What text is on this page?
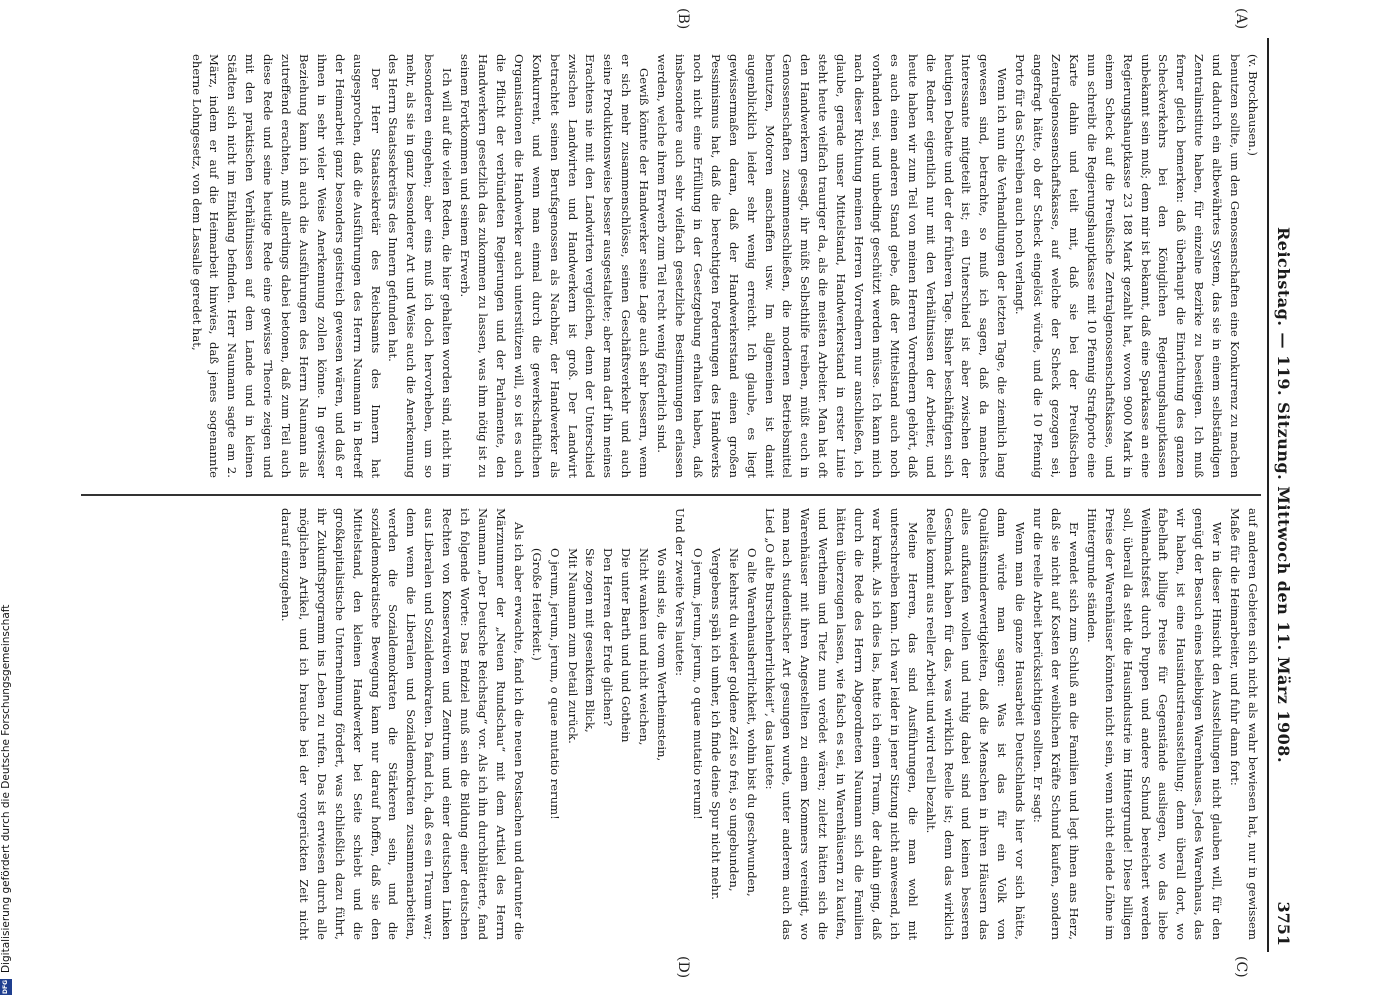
Reichstag. — 119. Sitzung. Mittwoch den 11. März 1908.
3751
(A)
(B)
(C)
(D)

(v. Brockhausen.)

benutzen sollte, um den Genossenschaften eine Konkurrenz zu machen und dadurch ein altbewährtes System, das sie in einem selbständigen Zentralinstitute haben, für einzelne Bezirke zu beseitigen. Ich muß ferner gleich bemerken: daß überhaupt die Einrichtung des ganzen Scheckverkehrs bei den Königlichen Regierungshauptkassen unbekannt sein muß; denn mir ist bekannt, daß eine Sparkasse an eine Regierungshauptkasse 23 188 Mark gezahlt hat, wovon 9000 Mark in einem Scheck auf die Preußische Zentralgenossenschaftskasse, und nun schreibt die Regierungshauptkasse mit 10 Pfennig Strafporto eine Karte dahin und teilt mit, daß sie bei der Preußischen Zentralgenossenschaftskasse, auf welche der Scheck gezogen sei, angefragt hätte, ob der Scheck eingelöst würde, und die 10 Pfennig Porto für das Schreiben auch noch verlangt.

Wenn ich nun die Verhandlungen der letzten Tage, die ziemlich lang gewesen sind, betrachte, so muß ich sagen, daß da manches Interessante mitgeteilt ist; ein Unterschied ist aber zwischen der heutigen Debatte und der der früheren Tage. Bisher beschäftigten sich die Redner eigentlich nur mit den Verhältnissen der Arbeiter, und heute haben wir zum Teil von meinen Herren Vorrednern gehört, daß es auch einen anderen Stand gebe, daß der Mittelstand auch noch vorhanden sei, und unbedingt geschützt werden müsse. Ich kann mich nach dieser Richtung meinen Herren Vorrednern nur anschließen, ich glaube, gerade unser Mittelstand, Handwerkerstand in erster Linie steht heute vielfach trauriger da, als die meisten Arbeiter. Man hat oft den Handwerkern gesagt, ihr müßt Selbsthilfe treiben, müßt euch in Genossenschaften zusammenschließen, die modernen Betriebsmittel benutzen, Motoren anschaffen usw. Im allgemeinen ist damit augenblicklich leider sehr wenig erreicht. Ich glaube, es liegt gewissermaßen daran, daß der Handwerkerstand einen großen Pessimismus hat, daß die berechtigten Forderungen des Handwerks noch nicht eine Erfüllung in der Gesetzgebung erhalten haben, daß insbesondere auch sehr vielfach gesetzliche Bestimmungen erlassen werden, welche ihrem Erwerb zum Teil recht wenig förderlich sind.

Gewiß könnte der Handwerker seine Lage auch sehr bessern, wenn er sich mehr zusammenschlösse, seinen Geschäftsverkehr und auch seine Produktionsweise besser ausgestaltete; aber man darf ihn meines Erachtens nie mit den Landwirten vergleichen, denn der Unterschied zwischen Landwirten und Handwerkern ist groß. Der Landwirt betrachtet seinen Berufsgenossen als Nachbar, der Handwerker als Konkurrent, und wenn man einmal durch die gewerkschaftlichen Organisationen die Handwerker auch unterstützen will, so ist es auch die Pflicht der verbündeten Regierungen und der Parlamente, den Handwerkern gesetzlich das zukommen zu lassen, was ihm nötig ist zu seinem Fortkommen und seinem Erwerb.

Ich will auf die vielen Reden, die hier gehalten worden sind, nicht im besonderen eingehen; aber eins muß ich doch hervorheben, um so mehr, als sie in ganz besonderer Art und Weise auch die Anerkennung des Herrn Staatssekretärs des Innern gefunden hat.

Der Herr Staatssekretär des Reichsamts des Innern hat ausgesprochen, daß die Ausführungen des Herrn Naumann in Betreff der Heimarbeit ganz besonders geistreich gewesen wären, und daß er ihnen in sehr vieler Weise Anerkennung zollen könne. In gewisser Beziehung kann ich auch die Ausführungen des Herrn Naumann als zutreffend erachten, muß allerdings dabei betonen, daß zum Teil auch diese Rede und seine heutige Rede eine gewisse Theorie zeigen und mit den praktischen Verhältnissen auf dem Lande und in kleinen Städten sich nicht im Einklang befinden. Herr Naumann sagte am 2. März, indem er auf die Heimarbeit hinwies, daß jenes sogenannte eherne Lohngesetz, von dem Lassalle geredet hat,

auf anderen Gebieten sich nicht als wahr bewiesen hat, nur in gewissem Maße für die Heimarbeiter, und fuhr dann fort:

Wer in dieser Hinsicht den Ausstellungen nicht glauben will, für den genügt der Besuch eines beliebigen Warenhauses. Jedes Warenhaus, das wir haben, ist eine Hausindustrieausstellung; denn überall dort, wo fabelhaft billige Preise für Gegenstände ausliegen, wo das liebe Weihnachtsfest durch Puppen und andere Schund bereichert werden soll, überall da steht die Hausindustrie im Hintergrunde! Diese billigen Preise der Warenhäuser könnten nicht sein, wenn nicht elende Löhne im Hintergrunde ständen.

Er wendet sich zum Schluß an die Familien und legt ihnen ans Herz, daß sie nicht auf Kosten der weiblichen Kräfte Schund kaufen, sondern nur die reelle Arbeit berücksichtigen sollten. Er sagt:

Wenn man die ganze Hausarbeit Deutschlands hier vor sich hätte, dann würde man sagen: Was ist das für ein Volk von Qualitätsminderwertigkeiten, daß die Menschen in ihren Häusern das alles aufkaufen wollen und ruhig dabei sind und keinen besseren Geschmack haben für das, was wirklich Reelle ist; denn das wirklich Reelle kommt aus reeller Arbeit und wird reell bezahlt.

Meine Herren, das sind Ausführungen, die man wohl mit unterschreiben kann. Ich war leider in jener Sitzung nicht anwesend, ich war krank. Als ich dies las, hatte ich einen Traum, der dahin ging, daß durch die Rede des Herrn Abgeordneten Naumann sich die Familien hätten überzeugen lassen, wie falsch es sei, in Warenhäusern zu kaufen, und Wertheim und Tietz nun verödet wären; zuletzt hätten sich die Warenhäuser mit ihren Angestellten zu einem Kommers vereinigt, wo man nach studentischer Art gesungen wurde, unter anderem auch das Lied „O alte Burschenherrlichkeit“, das lautete:

O alte Warenhausherrlichkeit, wohin bist du geschwunden,

Nie kehrst du wieder goldene Zeit so frei, so ungebunden,

Vergebens späh ich umher, ich finde deine Spur nicht mehr.

O jerum, jerum, jerum, o quae mutatio rerum!

Und der zweite Vers lautete:

Wo sind sie, die vom Wertheimstein,

Nicht wanken und nicht weichen,

Die unter Barth und und Gothein

Den Herren der Erde glichen?

Sie zogen mit gesenktem Blick,

Mit Naumann zum Detail zurück.

O jerum, jerum, jerum, o quae mutatio rerum!

(Große Heiterkeit.)

Als ich aber erwachte, fand ich die neuen Postsachen und darunter die Märznummer der „Neuen Rundschau“ mit dem Artikel des Herrn Naumann „Der Deutsche Reichstag“ vor. Als ich ihn durchblätterte, fand ich folgende Worte: Das Endziel muß sein die Bildung einer deutschen Rechten von Konservativen und Zentrum und einer deutschen Linken aus Liberalen und Sozialdemokraten. Da fand ich, daß es ein Traum war; denn wenn die Liberalen und Sozialdemokraten zusammenarbeiten, werden die Sozialdemokraten die Stärkeren sein, und die sozialdemokratische Bewegung kann nur darauf hoffen, daß sie den Mittelstand, den kleinen Handwerker bei Seite schiebt und die großkapitalistische Unternehmung fördert, was schließlich dazu führt, ihr Zukunftsprogramm ins Leben zu rufen. Das ist erwiesen durch alle möglichen Artikel, und ich brauche bei der vorgerückten Zeit nicht darauf einzugehen.

DFGDigitalisierung gefördert durch die Deutsche Forschungsgemeinschaft
